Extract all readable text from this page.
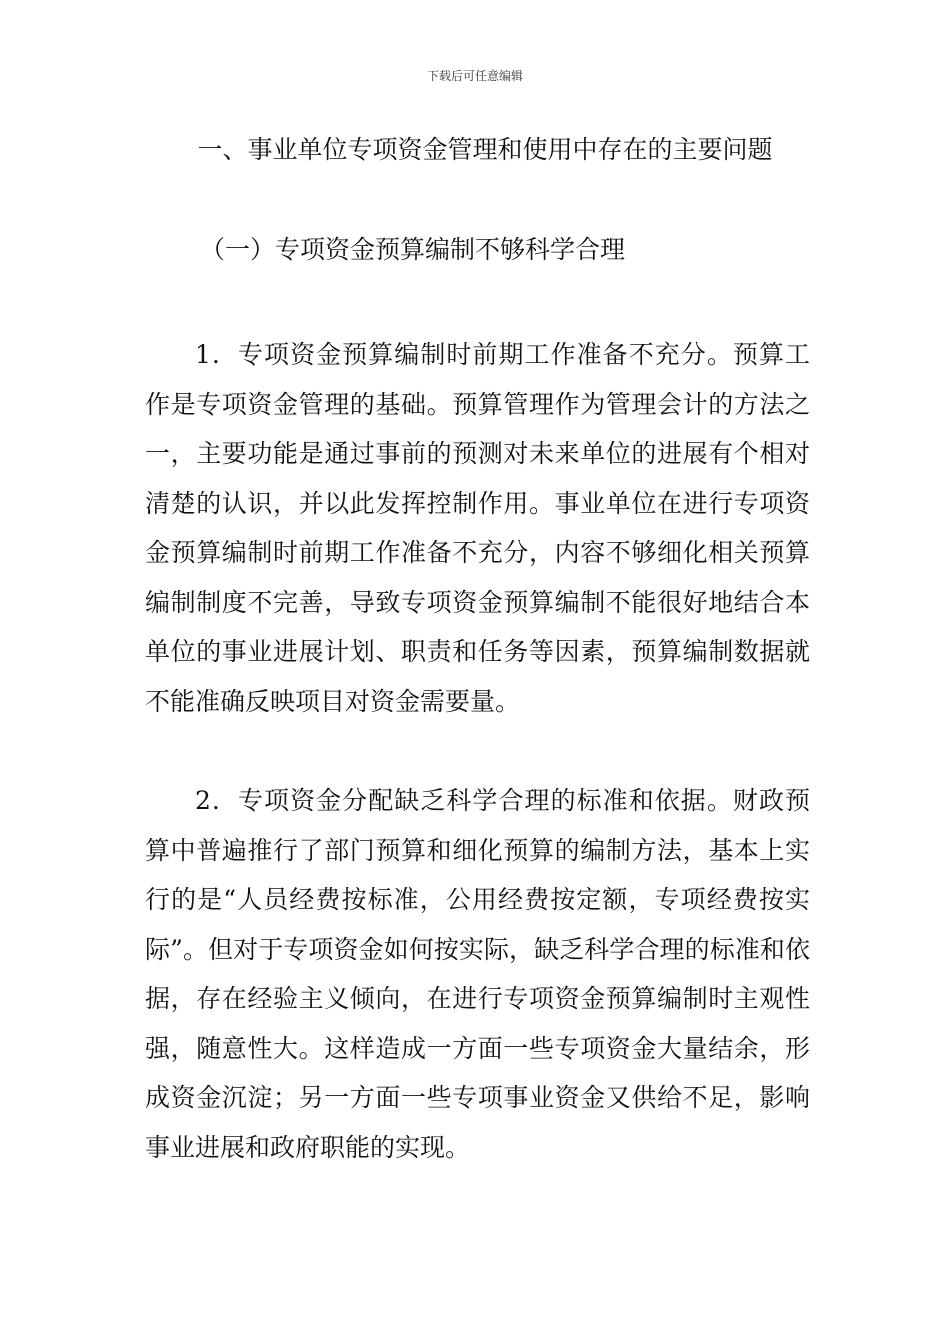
下载后可任意编辑
一、事业单位专项资金管理和使用中存在的主要问题
（一）专项资金预算编制不够科学合理

1．专项资金预算编制时前期工作准备不充分。预算工作是专项资金管理的基础。预算管理作为管理会计的方法之一，主要功能是通过事前的预测对未来单位的进展有个相对清楚的认识，并以此发挥控制作用。事业单位在进行专项资金预算编制时前期工作准备不充分，内容不够细化相关预算编制制度不完善，导致专项资金预算编制不能很好地结合本单位的事业进展计划、职责和任务等因素，预算编制数据就不能准确反映项目对资金需要量。

2．专项资金分配缺乏科学合理的标准和依据。财政预算中普遍推行了部门预算和细化预算的编制方法，基本上实行的是“人员经费按标准，公用经费按定额，专项经费按实际”。但对于专项资金如何按实际，缺乏科学合理的标准和依据，存在经验主义倾向，在进行专项资金预算编制时主观性强，随意性大。这样造成一方面一些专项资金大量结余，形成资金沉淀；另一方面一些专项事业资金又供给不足，影响事业进展和政府职能的实现。
